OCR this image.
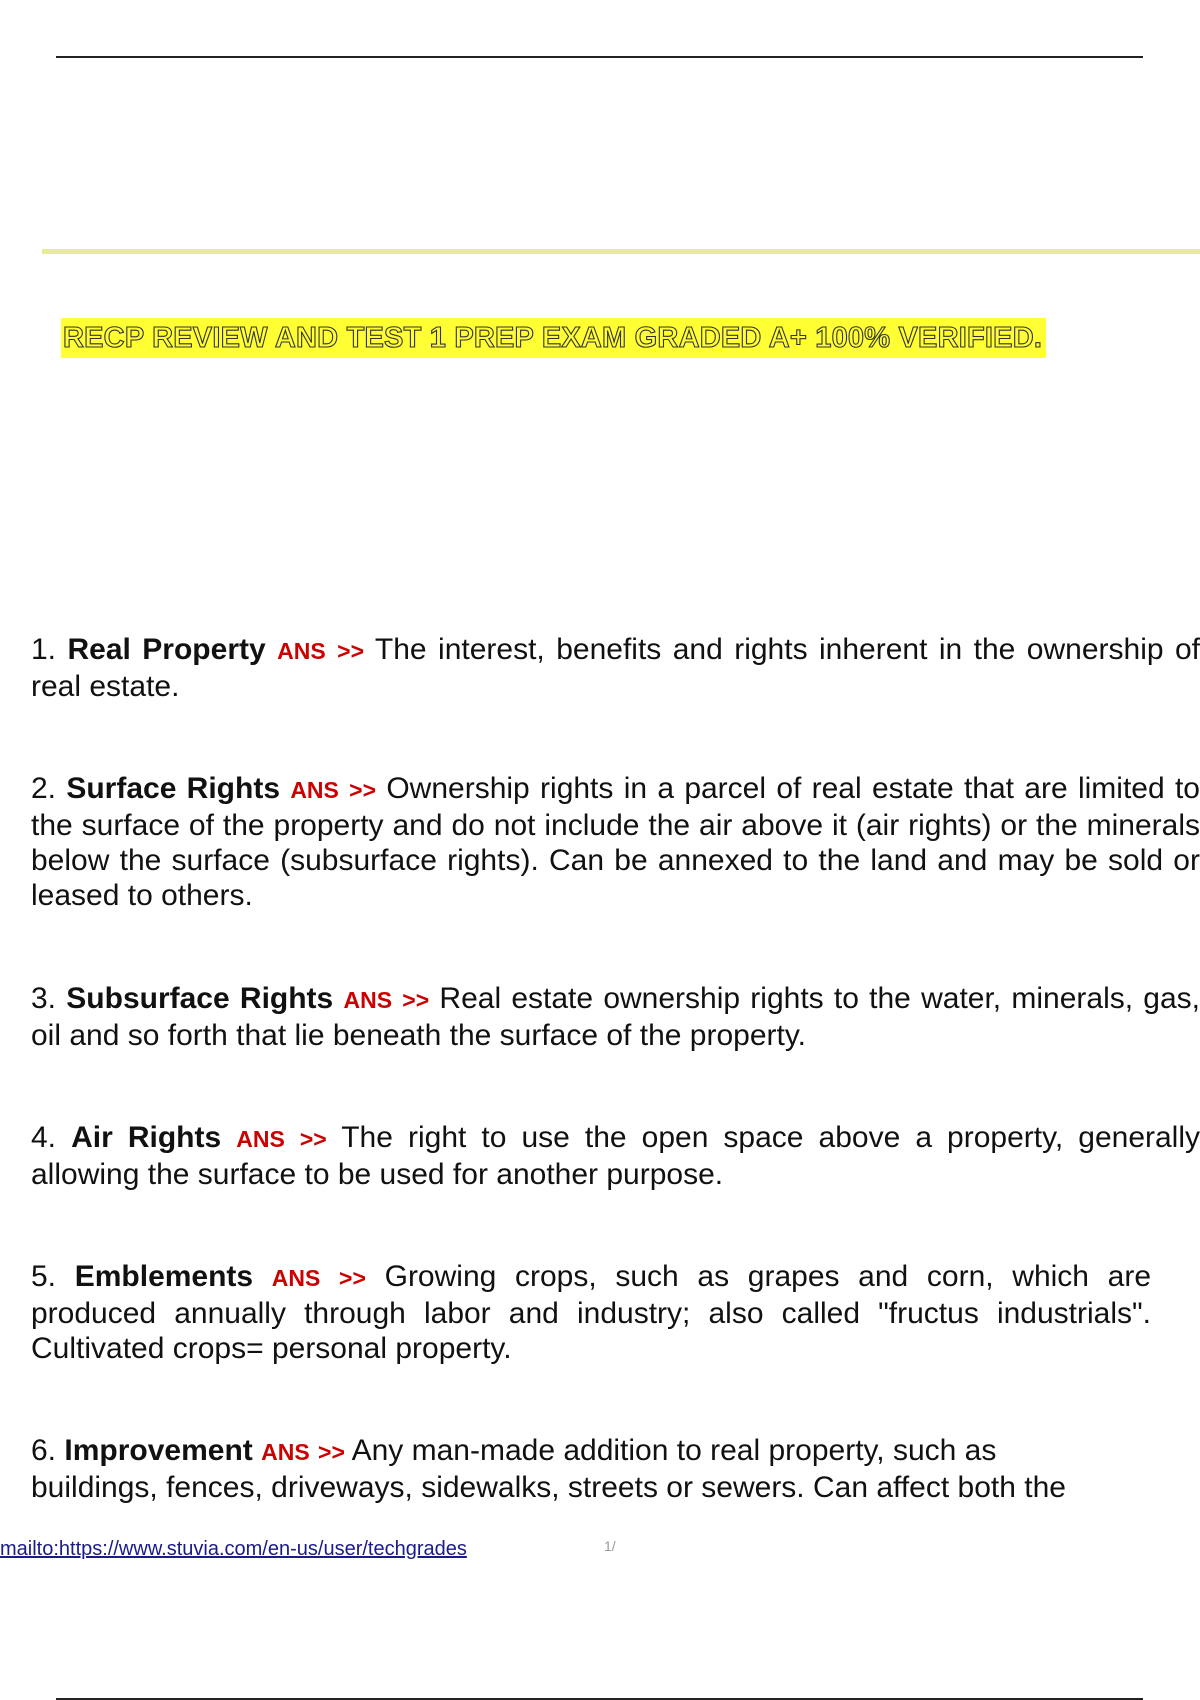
RECP REVIEW AND TEST 1 PREP EXAM GRADED A+ 100% VERIFIED.
1. Real Property ANS >> The interest, benefits and rights inherent in the ownership of real estate.
2. Surface Rights ANS >> Ownership rights in a parcel of real estate that are limited to the surface of the property and do not include the air above it (air rights) or the minerals below the surface (subsurface rights). Can be annexed to the land and may be sold or leased to others.
3. Subsurface Rights ANS >> Real estate ownership rights to the water, minerals, gas, oil and so forth that lie beneath the surface of the property.
4. Air Rights ANS >> The right to use the open space above a property, generally allowing the surface to be used for another purpose.
5. Emblements ANS >> Growing crops, such as grapes and corn, which are produced annually through labor and industry; also called "fructus industrials". Cultivated crops= personal property.
6. Improvement ANS >> Any man-made addition to real property, such as buildings, fences, driveways, sidewalks, streets or sewers. Can affect both the
mailto:https://www.stuvia.com/en-us/user/techgrades	1/
